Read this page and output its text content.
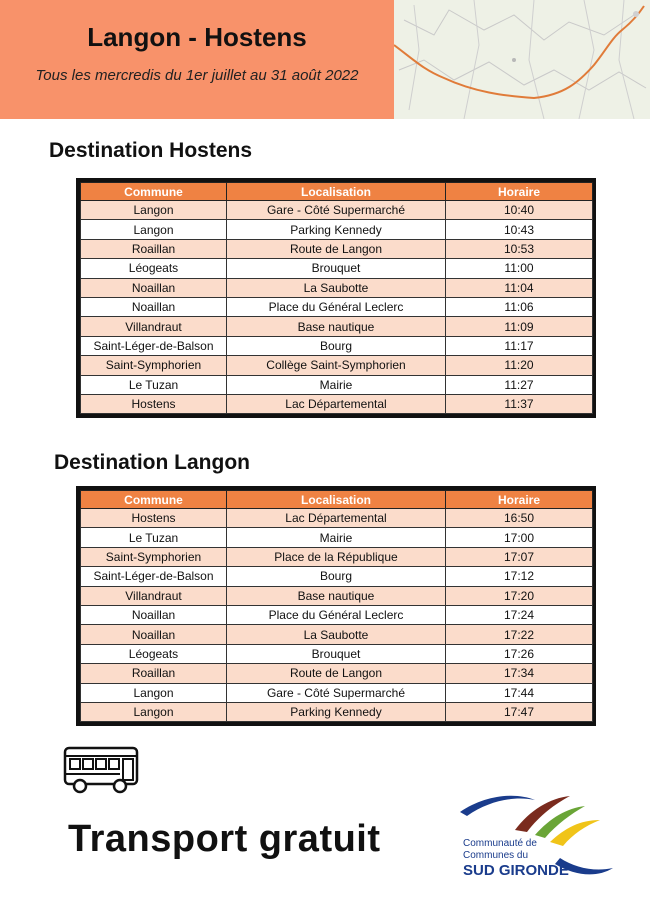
Langon - Hostens
Tous les mercredis du 1er juillet au 31 août 2022
Destination Hostens
Commune	Localisation	Horaire
Langon	Gare - Côté Supermarché	10:40
Langon	Parking Kennedy	10:43
Roaillan	Route de Langon	10:53
Léogeats	Brouquet	11:00
Noaillan	La Saubotte	11:04
Noaillan	Place du Général Leclerc	11:06
Villandraut	Base nautique	11:09
Saint-Léger-de-Balson	Bourg	11:17
Saint-Symphorien	Collège Saint-Symphorien	11:20
Le Tuzan	Mairie	11:27
Hostens	Lac Départemental	11:37
Destination Langon
Commune	Localisation	Horaire
Hostens	Lac Départemental	16:50
Le Tuzan	Mairie	17:00
Saint-Symphorien	Place de la République	17:07
Saint-Léger-de-Balson	Bourg	17:12
Villandraut	Base nautique	17:20
Noaillan	Place du Général Leclerc	17:24
Noaillan	La Saubotte	17:22
Léogeats	Brouquet	17:26
Roaillan	Route de Langon	17:34
Langon	Gare - Côté Supermarché	17:44
Langon	Parking Kennedy	17:47
Transport gratuit	Communauté de
Communes du
SUD GIRONDE
